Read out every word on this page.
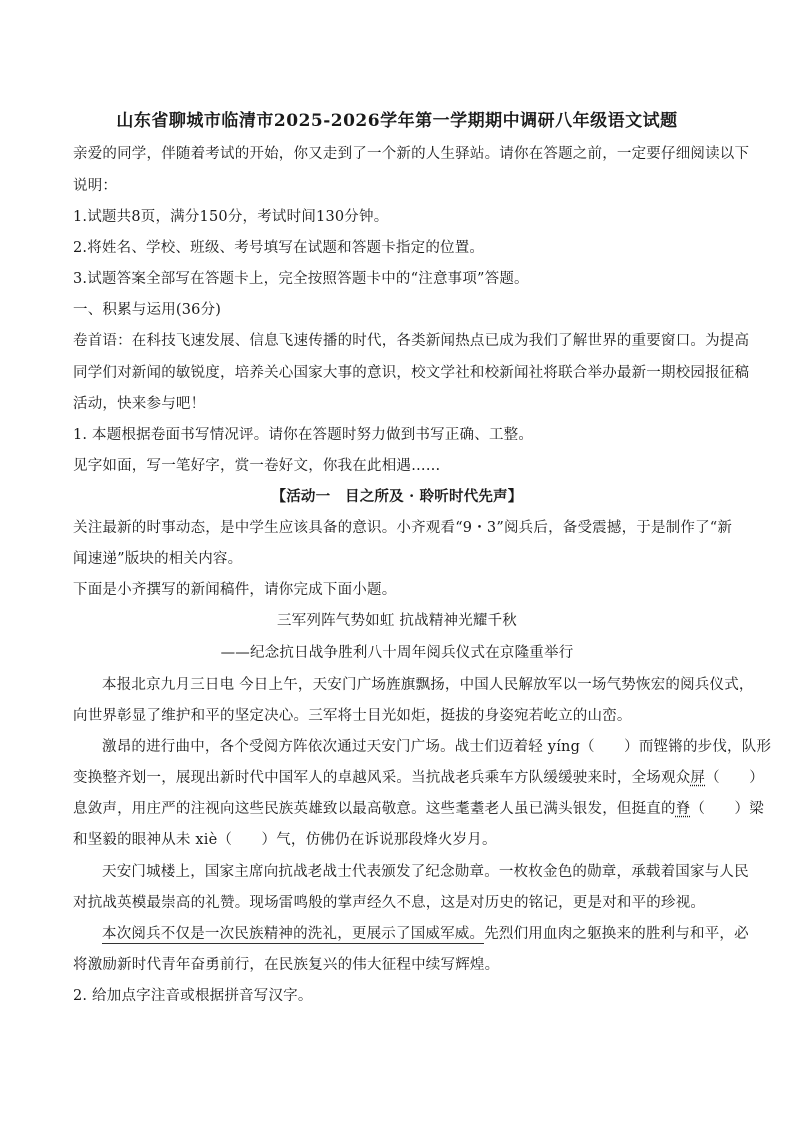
山东省聊城市临清市2025-2026学年第一学期期中调研八年级语文试题
亲爱的同学，伴随着考试的开始，你又走到了一个新的人生驿站。请你在答题之前，一定要仔细阅读以下
说明：
1.试题共8页，满分150分，考试时间130分钟。
2.将姓名、学校、班级、考号填写在试题和答题卡指定的位置。
3.试题答案全部写在答题卡上，完全按照答题卡中的“注意事项”答题。
一、积累与运用(36分)
卷首语：在科技飞速发展、信息飞速传播的时代，各类新闻热点已成为我们了解世界的重要窗口。为提高
同学们对新闻的敏锐度，培养关心国家大事的意识，校文学社和校新闻社将联合举办最新一期校园报征稿
活动，快来参与吧！
1. 本题根据卷面书写情况评。请你在答题时努力做到书写正确、工整。
见字如面，写一笔好字，赏一卷好文，你我在此相遇……
【活动一　目之所及 · 聆听时代先声】
关注最新的时事动态，是中学生应该具备的意识。小齐观看“9・3”阅兵后，备受震撼，于是制作了“新
闻速递”版块的相关内容。
下面是小齐撰写的新闻稿件，请你完成下面小题。
三军列阵气势如虹 抗战精神光耀千秋
——纪念抗日战争胜利八十周年阅兵仪式在京隆重举行
本报北京九月三日电 今日上午，天安门广场旌旗飘扬，中国人民解放军以一场气势恢宏的阅兵仪式，
向世界彰显了维护和平的坚定决心。三军将士目光如炬，挺拔的身姿宛若屹立的山峦。
激昂的进行曲中，各个受阅方阵依次通过天安门广场。战士们迈着轻 yíng（　　）而铿锵的步伐，队形
变换整齐划一，展现出新时代中国军人的卓越风采。当抗战老兵乘车方队缓缓驶来时，全场观众屏（　　）
息敛声，用庄严的注视向这些民族英雄致以最高敬意。这些耄耋老人虽已满头银发，但挺直的脊（　　）梁
和坚毅的眼神从未 xiè（　　）气，仿佛仍在诉说那段烽火岁月。
天安门城楼上，国家主席向抗战老战士代表颁发了纪念勋章。一枚枚金色的勋章，承载着国家与人民
对抗战英模最崇高的礼赞。现场雷鸣般的掌声经久不息，这是对历史的铭记，更是对和平的珍视。
本次阅兵不仅是一次民族精神的洗礼，更展示了国威军威。先烈们用血肉之躯换来的胜利与和平，必
将激励新时代青年奋勇前行，在民族复兴的伟大征程中续写辉煌。
2. 给加点字注音或根据拼音写汉字。
